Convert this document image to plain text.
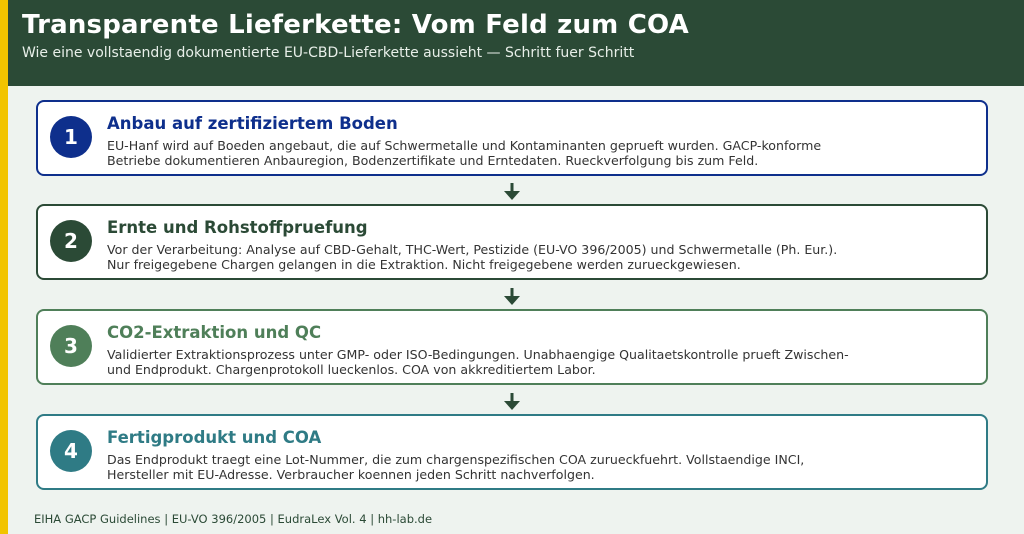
Transparente Lieferkette: Vom Feld zum COA
Wie eine vollstaendig dokumentierte EU-CBD-Lieferkette aussieht — Schritt fuer Schritt
1
Anbau auf zertifiziertem Boden
EU-Hanf wird auf Boeden angebaut, die auf Schwermetalle und Kontaminanten geprueft wurden. GACP-konforme
Betriebe dokumentieren Anbauregion, Bodenzertifikate und Erntedaten. Rueckverfolgung bis zum Feld.
2
Ernte und Rohstoffpruefung
Vor der Verarbeitung: Analyse auf CBD-Gehalt, THC-Wert, Pestizide (EU-VO 396/2005) und Schwermetalle (Ph. Eur.).
Nur freigegebene Chargen gelangen in die Extraktion. Nicht freigegebene werden zurueckgewiesen.
3
CO2-Extraktion und QC
Validierter Extraktionsprozess unter GMP- oder ISO-Bedingungen. Unabhaengige Qualitaetskontrolle prueft Zwischen-
und Endprodukt. Chargenprotokoll lueckenlos. COA von akkreditiertem Labor.
4
Fertigprodukt und COA
Das Endprodukt traegt eine Lot-Nummer, die zum chargenspezifischen COA zurueckfuehrt. Vollstaendige INCI,
Hersteller mit EU-Adresse. Verbraucher koennen jeden Schritt nachverfolgen.
EIHA GACP Guidelines | EU-VO 396/2005 | EudraLex Vol. 4 | hh-lab.de
